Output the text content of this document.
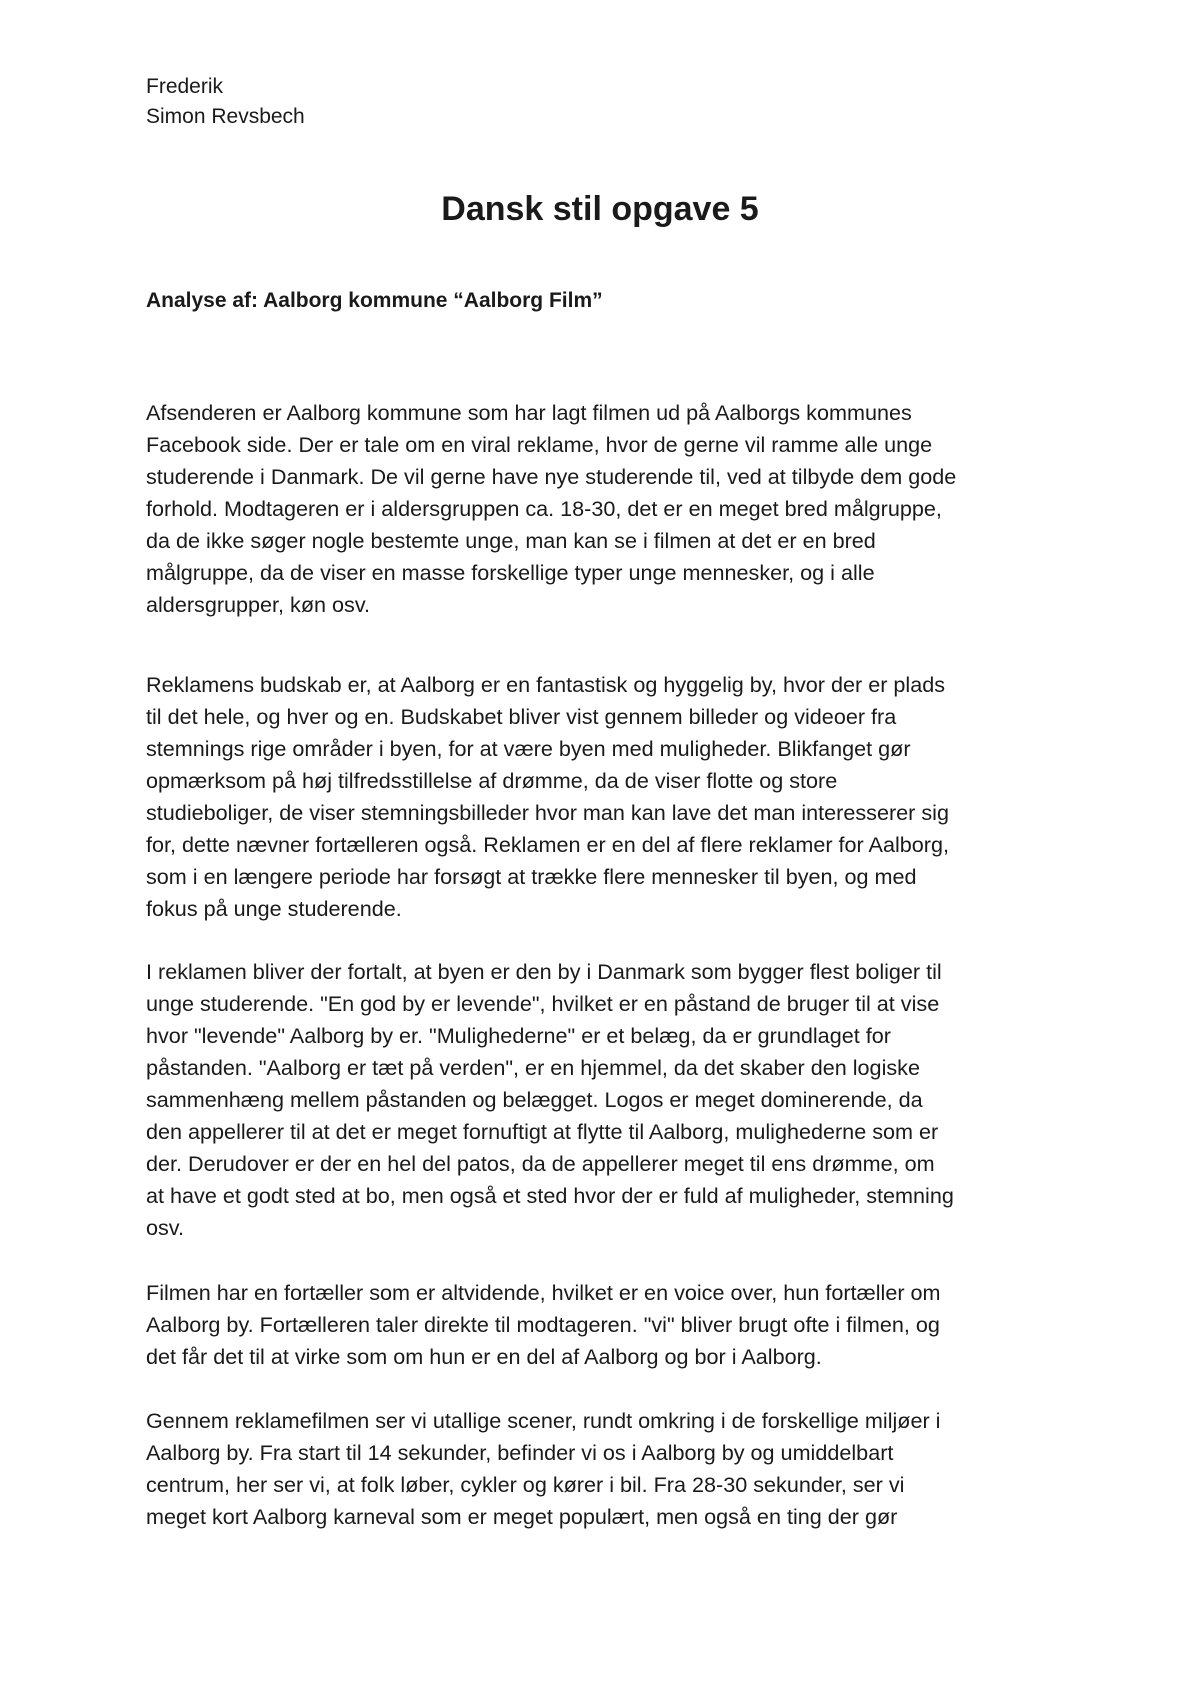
Frederik
Simon Revsbech
Dansk stil opgave 5
Analyse af: Aalborg kommune “Aalborg Film”
Afsenderen er Aalborg kommune som har lagt filmen ud på Aalborgs kommunes
Facebook side. Der er tale om en viral reklame, hvor de gerne vil ramme alle unge
studerende i Danmark. De vil gerne have nye studerende til, ved at tilbyde dem gode
forhold. Modtageren er i aldersgruppen ca. 18-30, det er en meget bred målgruppe,
da de ikke søger nogle bestemte unge, man kan se i filmen at det er en bred
målgruppe, da de viser en masse forskellige typer unge mennesker, og i alle
aldersgrupper, køn osv.
Reklamens budskab er, at Aalborg er en fantastisk og hyggelig by, hvor der er plads
til det hele, og hver og en. Budskabet bliver vist gennem billeder og videoer fra
stemnings rige områder i byen, for at være byen med muligheder. Blikfanget gør
opmærksom på høj tilfredsstillelse af drømme, da de viser flotte og store
studieboliger, de viser stemningsbilleder hvor man kan lave det man interesserer sig
for, dette nævner fortælleren også. Reklamen er en del af flere reklamer for Aalborg,
som i en længere periode har forsøgt at trække flere mennesker til byen, og med
fokus på unge studerende.
I reklamen bliver der fortalt, at byen er den by i Danmark som bygger flest boliger til
unge studerende. "En god by er levende", hvilket er en påstand de bruger til at vise
hvor "levende" Aalborg by er. "Mulighederne" er et belæg, da er grundlaget for
påstanden. "Aalborg er tæt på verden", er en hjemmel, da det skaber den logiske
sammenhæng mellem påstanden og belægget. Logos er meget dominerende, da
den appellerer til at det er meget fornuftigt at flytte til Aalborg, mulighederne som er
der. Derudover er der en hel del patos, da de appellerer meget til ens drømme, om
at have et godt sted at bo, men også et sted hvor der er fuld af muligheder, stemning
osv.
Filmen har en fortæller som er altvidende, hvilket er en voice over, hun fortæller om
Aalborg by. Fortælleren taler direkte til modtageren. "vi" bliver brugt ofte i filmen, og
det får det til at virke som om hun er en del af Aalborg og bor i Aalborg.
Gennem reklamefilmen ser vi utallige scener, rundt omkring i de forskellige miljøer i
Aalborg by. Fra start til 14 sekunder, befinder vi os i Aalborg by og umiddelbart
centrum, her ser vi, at folk løber, cykler og kører i bil. Fra 28-30 sekunder, ser vi
meget kort Aalborg karneval som er meget populært, men også en ting der gør
